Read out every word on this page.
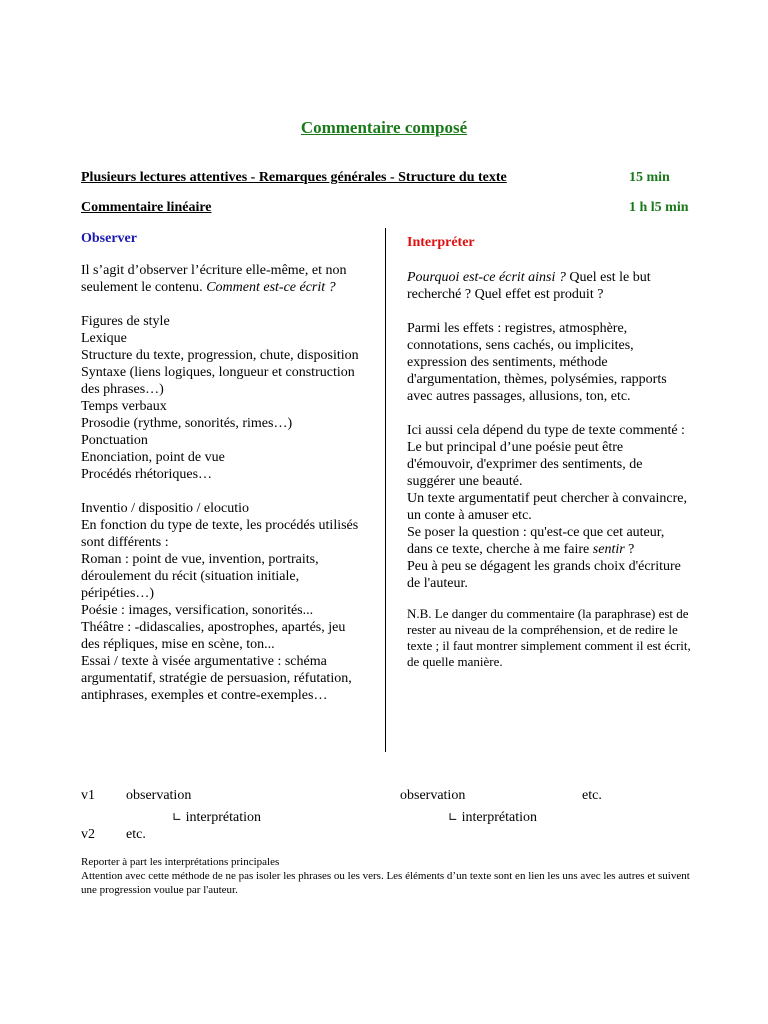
Commentaire composé
Plusieurs lectures attentives - Remarques générales - Structure du texte	15 min
Commentaire linéaire	1 h l5 min
Observer

Il s’agit d’observer l’écriture elle-même, et non seulement le contenu. Comment est-ce écrit ?

Figures de style

Lexique

Structure du texte, progression, chute, disposition

Syntaxe (liens logiques, longueur et construction des phrases…)

Temps verbaux

Prosodie (rythme, sonorités, rimes…)

Ponctuation

Enonciation, point de vue

Procédés rhétoriques…

Inventio / dispositio / elocutio

En fonction du type de texte, les procédés utilisés sont différents :

Roman : point de vue, invention, portraits, déroulement du récit (situation initiale, péripéties…)

Poésie : images, versification, sonorités...

Théâtre : -didascalies, apostrophes, apartés, jeu des répliques, mise en scène, ton...

Essai / texte à visée argumentative : schéma argumentatif, stratégie de persuasion, réfutation, antiphrases, exemples et contre-exemples…

Interpréter

Pourquoi est-ce écrit ainsi ? Quel est le but recherché ? Quel effet est produit ?

Parmi les effets : registres, atmosphère, connotations, sens cachés, ou implicites, expression des sentiments, méthode d'argumentation, thèmes, polysémies, rapports avec autres passages, allusions, ton, etc.

Ici aussi cela dépend du type de texte commenté :

Le but principal d’une poésie peut être d'émouvoir, d'exprimer des sentiments, de suggérer une beauté.

Un texte argumentatif peut chercher à convaincre, un conte à amuser etc.

Se poser la question : qu'est-ce que cet auteur, dans ce texte, cherche à me faire sentir ?

Peu à peu se dégagent les grands choix d'écriture de l'auteur.

N.B. Le danger du commentaire (la paraphrase) est de rester au niveau de la compréhension, et de redire le texte ; il faut montrer simplement comment il est écrit, de quelle manière.

v1 observation	observation	etc.
∟ interprétation	∟ interprétation
v2 etc.

Reporter à part les interprétations principales

Attention avec cette méthode de ne pas isoler les phrases ou les vers. Les éléments d’un texte sont en lien les uns avec les autres et suivent une progression voulue par l'auteur.
